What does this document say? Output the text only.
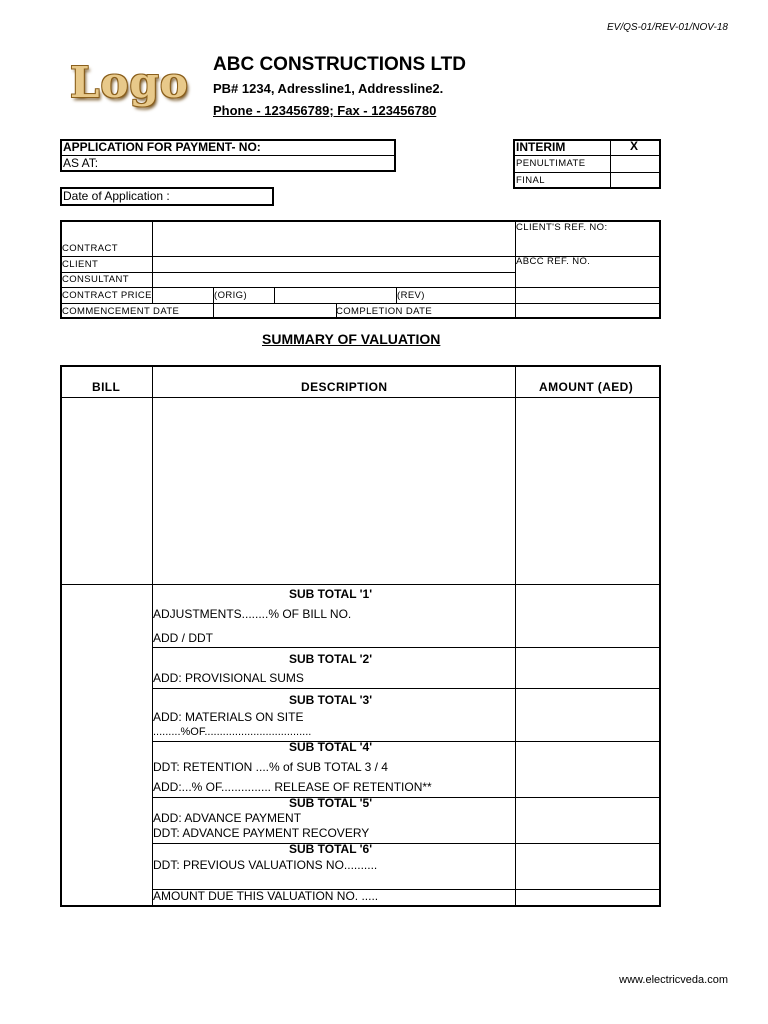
EV/QS-01/REV-01/NOV-18
Logo ABC CONSTRUCTIONS LTD
PB# 1234, Adressline1, Addressline2.
Phone - 123456789; Fax - 123456780
APPLICATION FOR PAYMENT- NO:
AS AT:
Date of Application :
INTERIM	X
PENULTIMATE
FINAL
CLIENT'S REF. NO:
ABCC REF. NO.
CONTRACT
CLIENT
CONSULTANT
CONTRACT PRICE	(ORIG)	(REV)
COMMENCEMENT DATE	COMPLETION DATE
SUMMARY OF VALUATION
BILL	DESCRIPTION	AMOUNT (AED)
SUB TOTAL '1'
ADJUSTMENTS........% OF BILL NO.
ADD / DDT
SUB TOTAL '2'
ADD: PROVISIONAL SUMS
SUB TOTAL '3'
ADD: MATERIALS ON SITE
.........%OF...................................
SUB TOTAL '4'
DDT: RETENTION ....% of SUB TOTAL 3 / 4
ADD:...% OF............... RELEASE OF RETENTION**
SUB TOTAL '5'
ADD: ADVANCE PAYMENT
DDT: ADVANCE PAYMENT RECOVERY
SUB TOTAL '6'
DDT: PREVIOUS VALUATIONS NO..........
AMOUNT DUE THIS VALUATION NO. .....
www.electricveda.com
